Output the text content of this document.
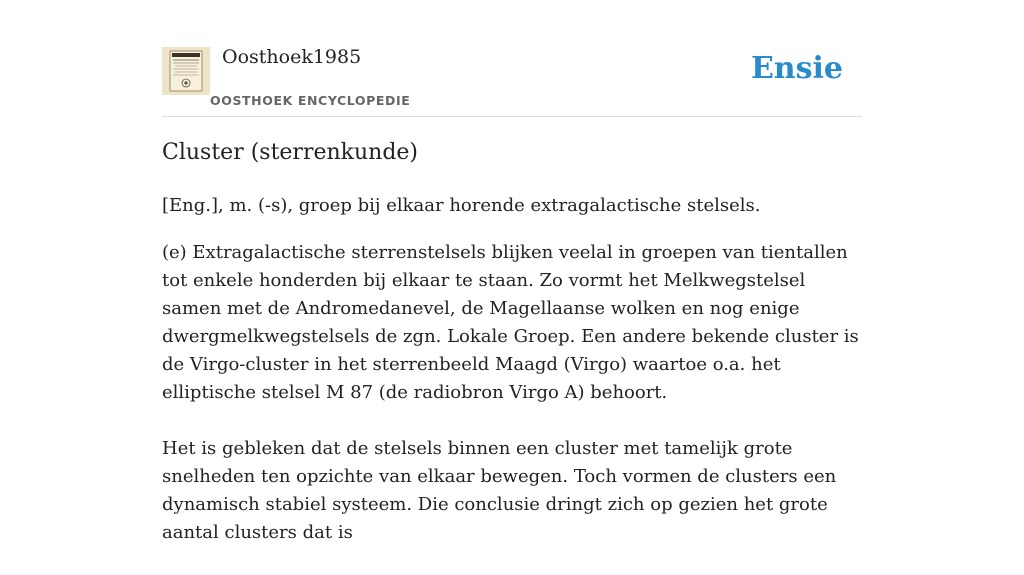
Oosthoek1985
OOSTHOEK ENCYCLOPEDIE
Ensie
Cluster (sterrenkunde)

[Eng.], m. (-s), groep bij elkaar horende extragalactische stelsels.

(e) Extragalactische sterrenstelsels blijken veelal in groepen van tientallen tot enkele honderden bij elkaar te staan. Zo vormt het Melkwegstelsel samen met de Andromedanevel, de Magellaanse wolken en nog enige dwergmelkwegstelsels de zgn. Lokale Groep. Een andere bekende cluster is de Virgo-cluster in het sterrenbeeld Maagd (Virgo) waartoe o.a. het elliptische stelsel M 87 (de radiobron Virgo A) behoort.

Het is gebleken dat de stelsels binnen een cluster met tamelijk grote snelheden ten opzichte van elkaar bewegen. Toch vormen de clusters een dynamisch stabiel systeem. Die conclusie dringt zich op gezien het grote aantal clusters dat is
